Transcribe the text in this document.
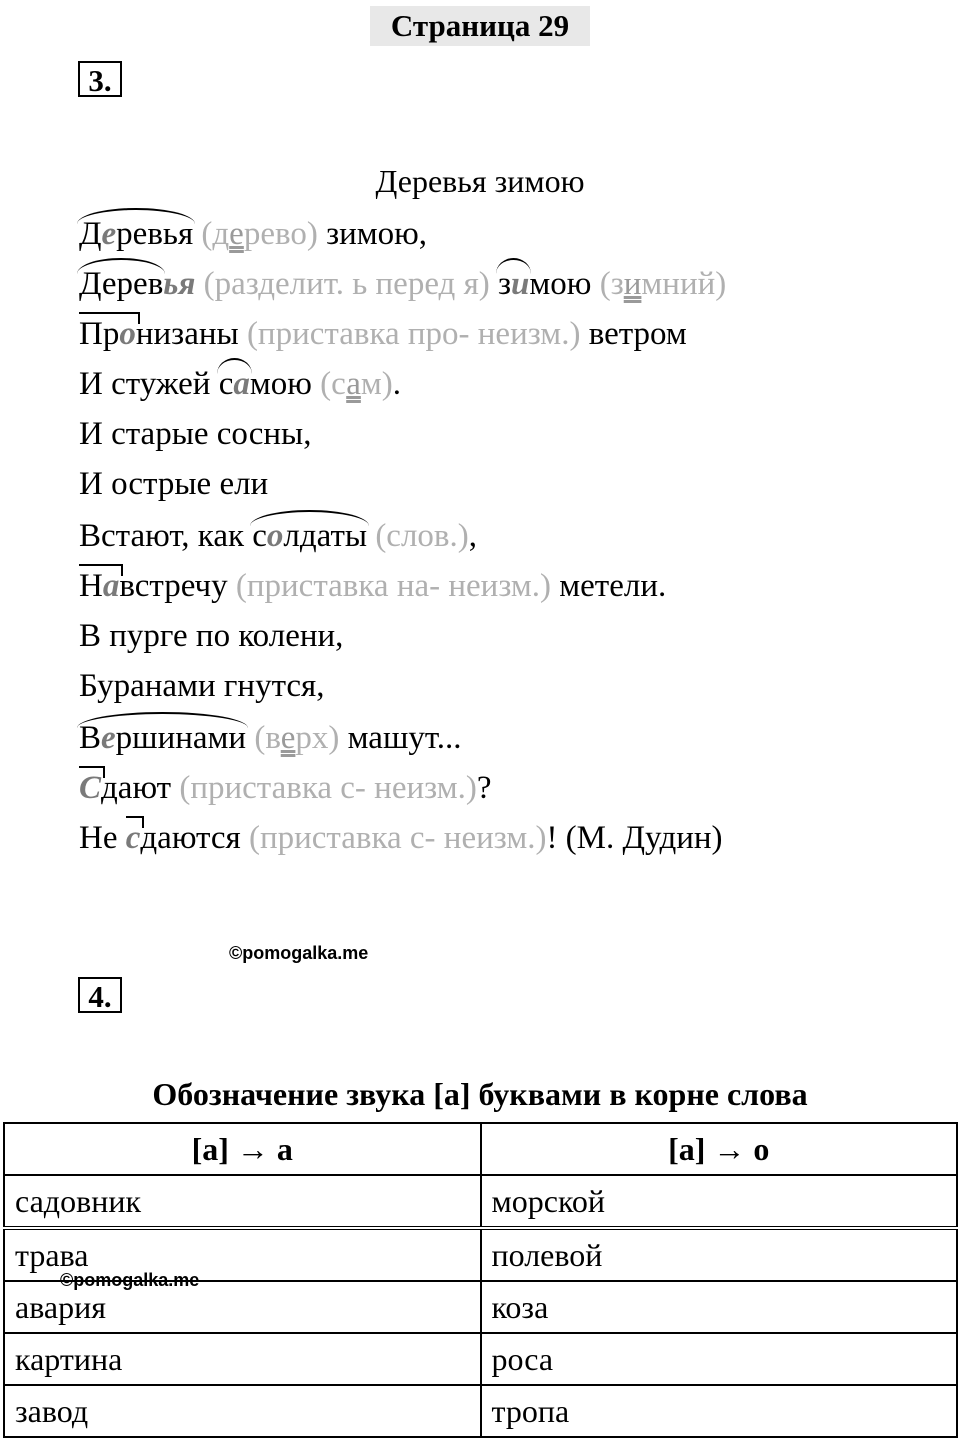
Страница 29
3.
Деревья зимою
Деревья (дерево) зимою,
Деревья (разделит. ь перед я) зимою (зимний)
Пронизаны (приставка про- неизм.) ветром
И стужей самою (сам).
И старые сосны,
И острые ели
Встают, как солдаты (слов.),
Навстречу (приставка на- неизм.) метели.
В пурге по колени,
Буранами гнутся,
Вершинами (верх) машут...
Сдают (приставка с- неизм.)?
Не сдаются (приставка с- неизм.)! (М. Дудин)
©pomogalka.me
4.
Обозначение звука [а] буквами в корне слова
[а] → а	[а] → о
садовник	морской
трава	полевой
авария	коза
картина	роса
завод	тропа
©pomogalka.me
